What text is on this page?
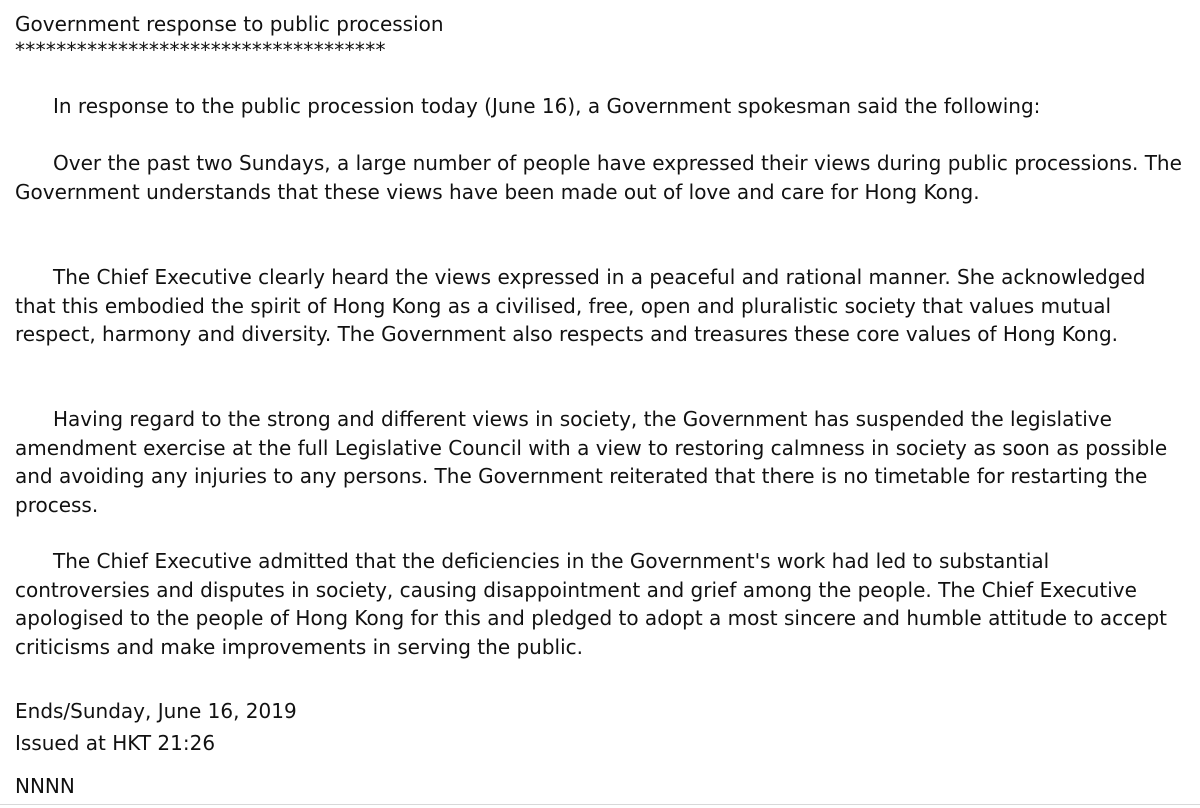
Government response to public procession
************************************

In response to the public procession today (June 16), a Government spokesman said the following:

Over the past two Sundays, a large number of people have expressed their views during public processions. The Government understands that these views have been made out of love and care for Hong Kong.

The Chief Executive clearly heard the views expressed in a peaceful and rational manner. She acknowledged that this embodied the spirit of Hong Kong as a civilised, free, open and pluralistic society that values mutual respect, harmony and diversity. The Government also respects and treasures these core values of Hong Kong.

Having regard to the strong and different views in society, the Government has suspended the legislative amendment exercise at the full Legislative Council with a view to restoring calmness in society as soon as possible and avoiding any injuries to any persons. The Government reiterated that there is no timetable for restarting the process.

The Chief Executive admitted that the deficiencies in the Government's work had led to substantial controversies and disputes in society, causing disappointment and grief among the people. The Chief Executive apologised to the people of Hong Kong for this and pledged to adopt a most sincere and humble attitude to accept criticisms and make improvements in serving the public.

Ends/Sunday, June 16, 2019
Issued at HKT 21:26
NNNN
